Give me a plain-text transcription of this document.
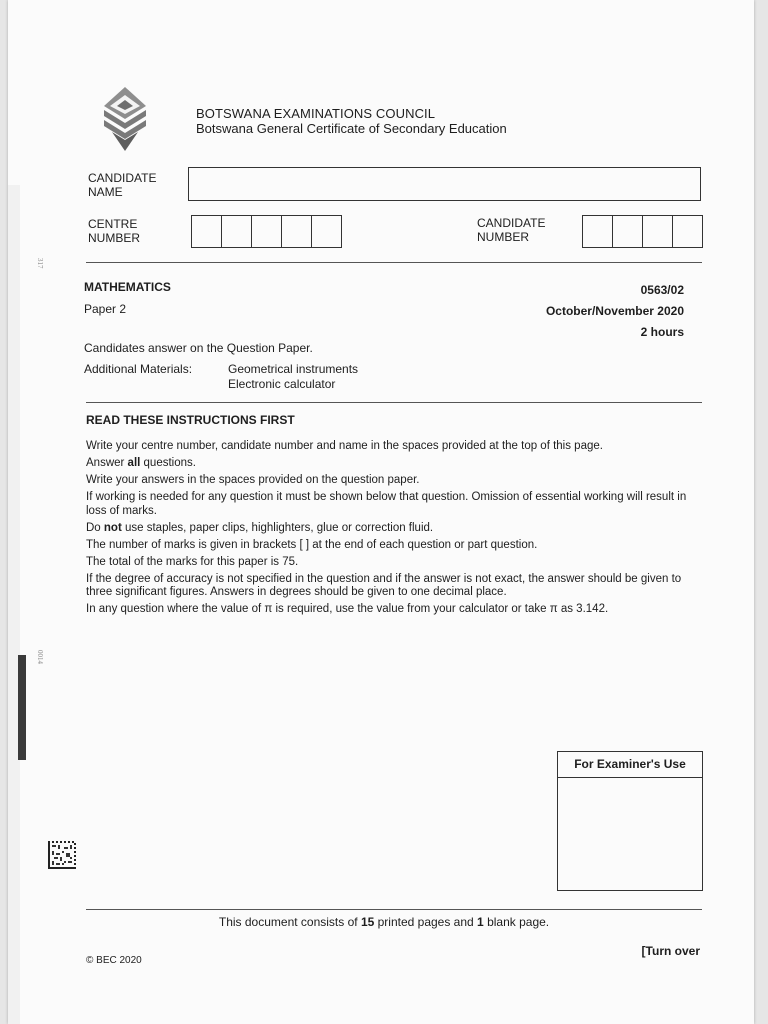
317
0014
BOTSWANA EXAMINATIONS COUNCIL
Botswana General Certificate of Secondary Education
CANDIDATE
NAME
CENTRE
NUMBER
CANDIDATE
NUMBER
MATHEMATICS
Paper 2
0563/02
October/November 2020
2 hours
Candidates answer on the Question Paper.
Additional Materials:	Geometrical instruments
Electronic calculator
READ THESE INSTRUCTIONS FIRST

Write your centre number, candidate number and name in the spaces provided at the top of this page.

Answer all questions.

Write your answers in the spaces provided on the question paper.

If working is needed for any question it must be shown below that question. Omission of essential working will result in loss of marks.

Do not use staples, paper clips, highlighters, glue or correction fluid.

The number of marks is given in brackets [ ] at the end of each question or part question.

The total of the marks for this paper is 75.

If the degree of accuracy is not specified in the question and if the answer is not exact, the answer should be given to three significant figures. Answers in degrees should be given to one decimal place.

In any question where the value of π is required, use the value from your calculator or take π as 3.142.

For Examiner's Use
This document consists of 15 printed pages and 1 blank page.
© BEC 2020
[Turn over
